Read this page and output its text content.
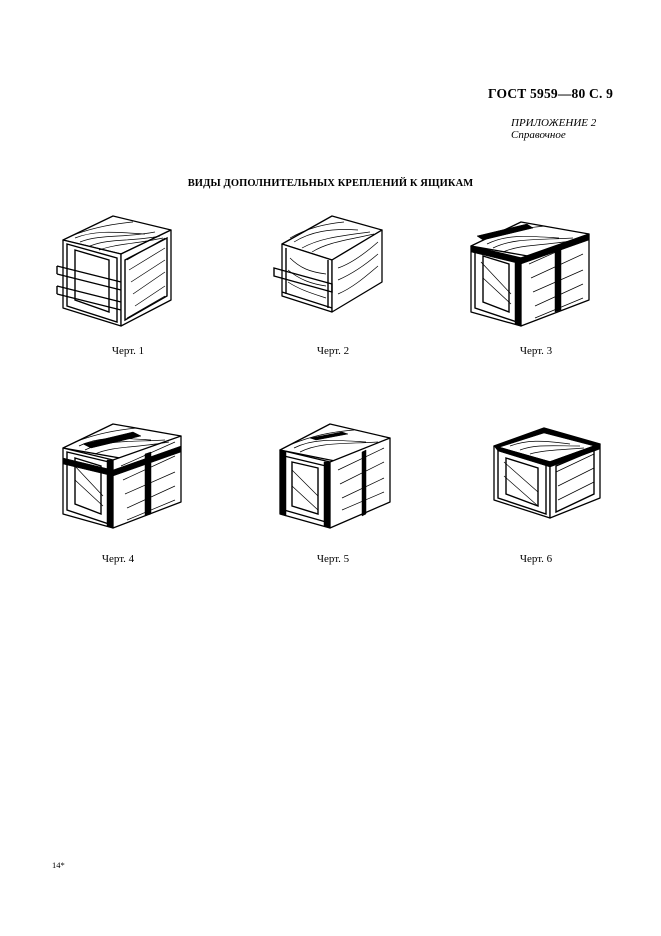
ГОСТ 5959—80 С. 9
ПРИЛОЖЕНИЕ 2
Справочное
ВИДЫ ДОПОЛНИТЕЛЬНЫХ КРЕПЛЕНИЙ К ЯЩИКАМ
Черт. 1	Черт. 2	Черт. 3
Черт. 4	Черт. 5	Черт. 6
14*
